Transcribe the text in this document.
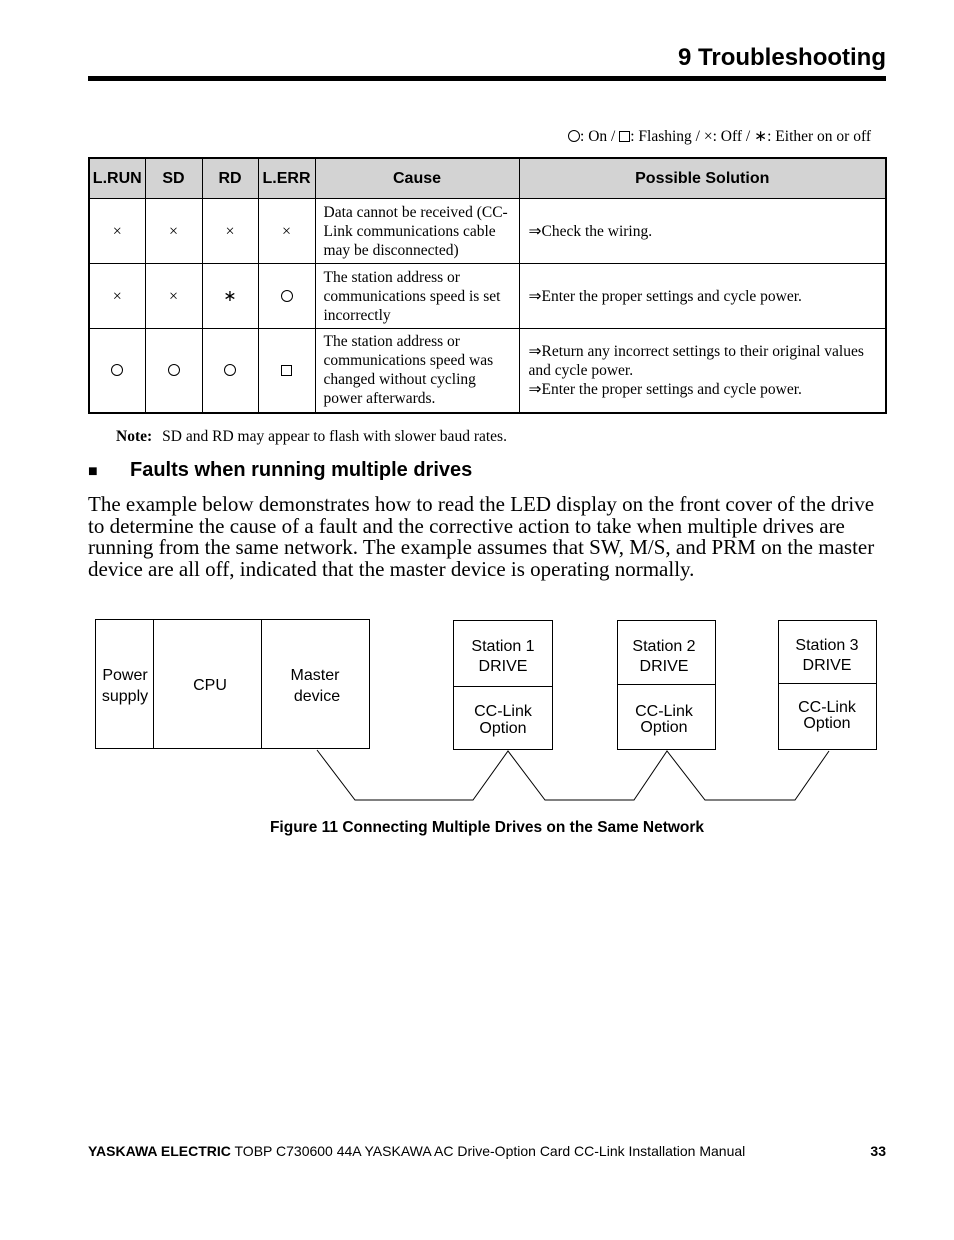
9 Troubleshooting
: On / : Flashing / ×: Off / ∗: Either on or off
L.RUN	SD	RD	L.ERR	Cause	Possible Solution
×	×	×	×	Data cannot be received (CC-Link communications cable may be disconnected)	⇒Check the wiring.

×	×	∗		The station address or communications speed is set incorrectly	⇒Enter the proper settings and cycle power.

				The station address or communications speed was changed without cycling power afterwards.	⇒Return any incorrect settings to their original values and cycle power.
⇒Enter the proper settings and cycle power.
Note: SD and RD may appear to flash with slower baud rates.
■ Faults when running multiple drives

The example below demonstrates how to read the LED display on the front cover of the drive to determine the cause of a fault and the corrective action to take when multiple drives are running from the same network. The example assumes that SW, M/S, and PRM on the master device are all off, indicated that the master device is operating normally.

Power supply
CPU
Master device
Station 1 DRIVE
CC-Link Option
Station 2 DRIVE
CC-Link Option
Station 3 DRIVE
CC-Link Option
Figure 11 Connecting Multiple Drives on the Same Network
YASKAWA ELECTRIC TOBP C730600 44A YASKAWA AC Drive-Option Card CC-Link Installation Manual	33
